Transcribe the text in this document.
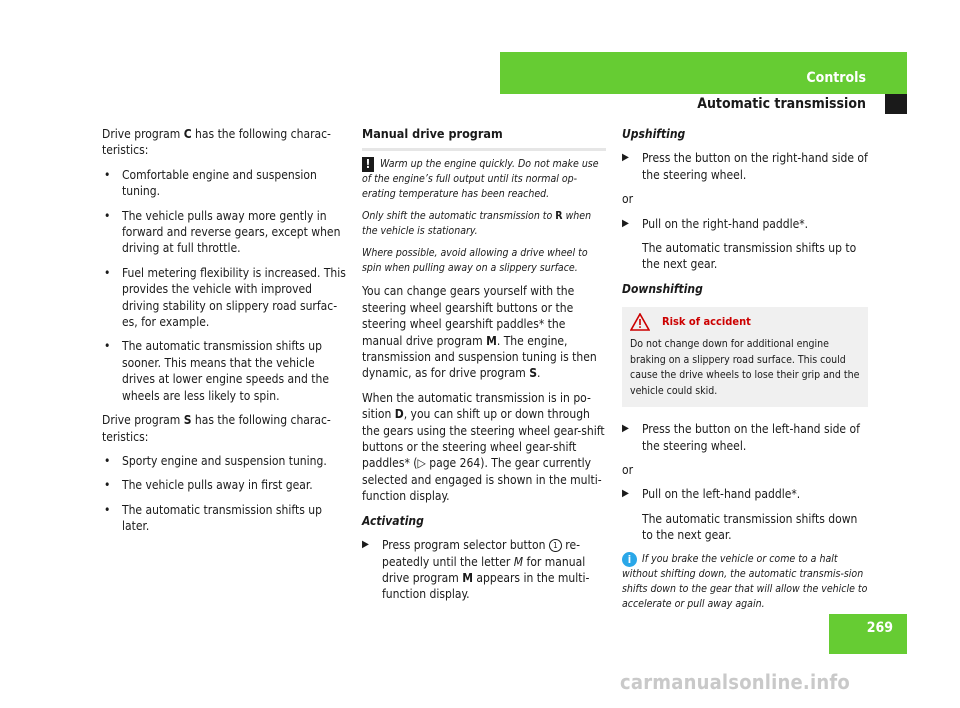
Controls
Automatic transmission

Drive program C has the following charac-teristics:

• Comfortable engine and suspension tuning.
• The vehicle pulls away more gently in forward and reverse gears, except when driving at full throttle.
• Fuel metering flexibility is increased. This provides the vehicle with improved driving stability on slippery road surfac-es, for example.
• The automatic transmission shifts up sooner. This means that the vehicle drives at lower engine speeds and the wheels are less likely to spin.

Drive program S has the following charac-teristics:

• Sporty engine and suspension tuning.
• The vehicle pulls away in first gear.
• The automatic transmission shifts up later.
Manual drive program

! Warm up the engine quickly. Do not make use of the engine’s full output until its normal op-erating temperature has been reached.

Only shift the automatic transmission to R when the vehicle is stationary.

Where possible, avoid allowing a drive wheel to spin when pulling away on a slippery surface.

You can change gears yourself with the steering wheel gearshift buttons or the steering wheel gearshift paddles* the manual drive program M. The engine, transmission and suspension tuning is then dynamic, as for drive program S.

When the automatic transmission is in po-sition D, you can shift up or down through the gears using the steering wheel gear-shift buttons or the steering wheel gear-shift paddles* (▷ page 264). The gear currently selected and engaged is shown in the multi-function display.

Activating

▶ Press program selector button 1 re-peatedly until the letter M for manual drive program M appears in the multi-function display.

Upshifting

▶ Press the button on the right-hand side of the steering wheel.

or

▶ Pull on the right-hand paddle*.

The automatic transmission shifts up to the next gear.

Downshifting

Risk of accident
Do not change down for additional engine braking on a slippery road surface. This could cause the drive wheels to lose their grip and the vehicle could skid.
▶ Press the button on the left-hand side of the steering wheel.

or

▶ Pull on the left-hand paddle*.

The automatic transmission shifts down to the next gear.

i If you brake the vehicle or come to a halt without shifting down, the automatic transmis-sion shifts down to the gear that will allow the vehicle to accelerate or pull away again.

269
carmanualsonline.info
